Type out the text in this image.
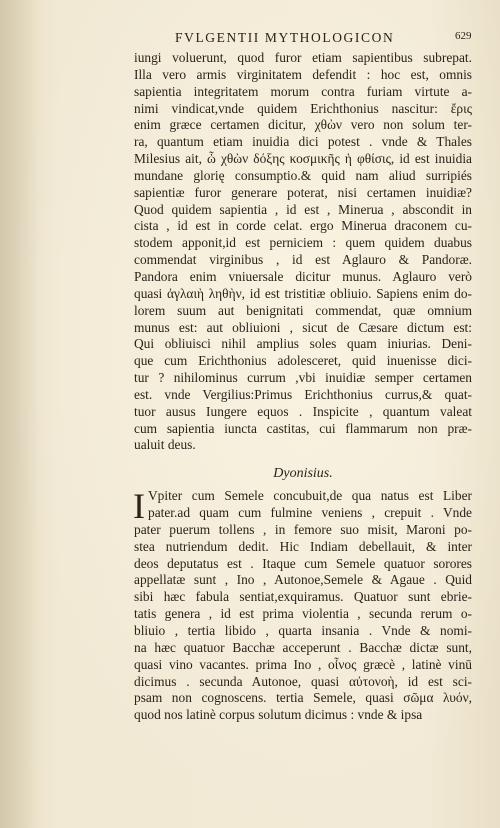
FVLGENTII MYTHOLOGICON	629
iungi voluerunt, quod furor etiam sapientibus subrepat.
Illa vero armis virginitatem defendit : hoc est, omnis
sapientia integritatem morum contra furiam virtute a-
nimi vindicat,vnde quidem Erichthonius nascitur: ἔρις
enim græce certamen dicitur, χθὼν vero non solum ter-
ra, quantum etiam inuidia dici potest . vnde & Thales
Milesius ait, ὦ χθὼν δόξης κοσμικῆς ἡ φθίσις, id est inuidia
mundane glorię consumptio.& quid nam aliud surripiés
sapientiæ furor generare poterat, nisi certamen inuidiæ?
Quod quidem sapientia , id est , Minerua , abscondit in
cista , id est in corde celat. ergo Minerua draconem cu-
stodem apponit,id est perniciem : quem quidem duabus
commendat virginibus , id est Aglauro & Pandoræ.
Pandora enim vniuersale dicitur munus. Aglauro verò
quasi ἀγλαιὴ ληθὴν, id est tristitiæ obliuio. Sapiens enim do-
lorem suum aut benignitati commendat, quæ omnium
munus est: aut obliuioni , sicut de Cæsare dictum est:
Qui obliuisci nihil amplius soles quam iniurias. Deni-
que cum Erichthonius adolesceret, quid inuenisse dici-
tur ? nihilominus currum ,vbi inuidiæ semper certamen
est. vnde Vergilius:Primus Erichthonius currus,& quat-
tuor ausus Iungere equos . Inspicite , quantum valeat
cum sapientia iuncta castitas, cui flammarum non præ-
ualuit deus.
Dyonisius.
I Vpiter cum Semele concubuit,de qua natus est Liber
pater.ad quam cum fulmine veniens , crepuit . Vnde
pater puerum tollens , in femore suo misit, Maroni po-
stea nutriendum dedit. Hic Indiam debellauit, & inter
deos deputatus est . Itaque cum Semele quatuor sorores
appellatæ sunt , Ino , Autonoe,Semele & Agaue . Quid
sibi hæc fabula sentiat,exquiramus. Quatuor sunt ebrie-
tatis genera , id est prima violentia , secunda rerum o-
bliuio , tertia libido , quarta insania . Vnde & nomi-
na hæc quatuor Bacchæ acceperunt . Bacchæ dictæ sunt,
quasi vino vacantes. prima Ino , οἶνος græcè , latinè vinū
dicimus . secunda Autonoe, quasi αὐτονοὴ, id est sci-
psam non cognoscens. tertia Semele, quasi σῶμα λυόν,
quod nos latinè corpus solutum dicimus : vnde & ipsa
